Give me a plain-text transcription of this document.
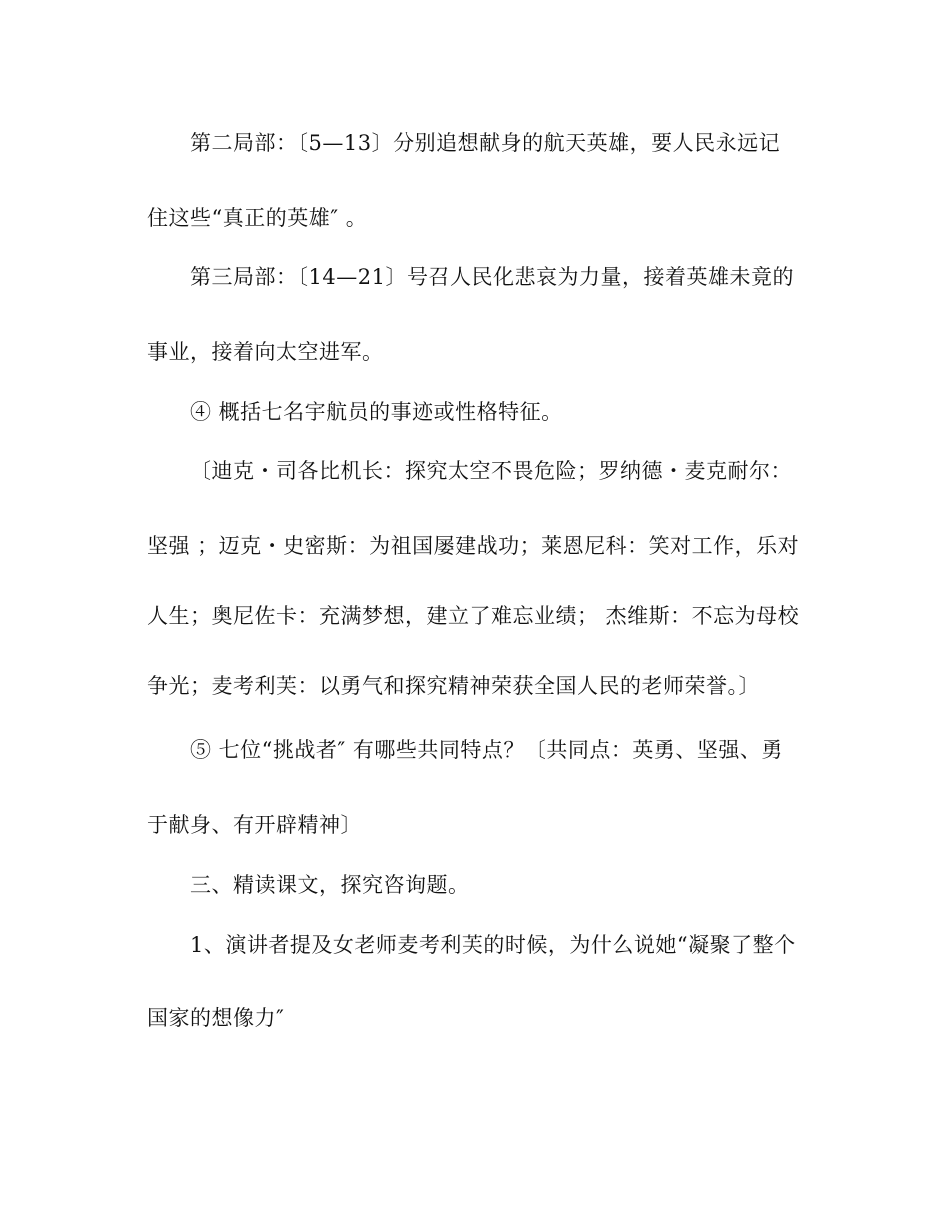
第二局部：〔5—13〕分别追想献身的航天英雄，要人民永远记
住这些“真正的英雄″ 。
第三局部：〔14—21〕号召人民化悲哀为力量，接着英雄未竟的
事业，接着向太空进军。
④ 概括七名宇航员的事迹或性格特征。
〔迪克・司各比机长：探究太空不畏危险；罗纳德・麦克耐尔：
坚强 ；迈克・史密斯：为祖国屡建战功；莱恩尼科：笑对工作，乐对
人生；奥尼佐卡：充满梦想，建立了难忘业绩； 杰维斯：不忘为母校
争光；麦考利芙：以勇气和探究精神荣获全国人民的老师荣誉。〕
⑤ 七位“挑战者″ 有哪些共同特点？〔共同点：英勇、坚强、勇
于献身、有开辟精神〕
三、精读课文，探究咨询题。
1、演讲者提及女老师麦考利芙的时候，为什么说她“凝聚了整个
国家的想像力″
